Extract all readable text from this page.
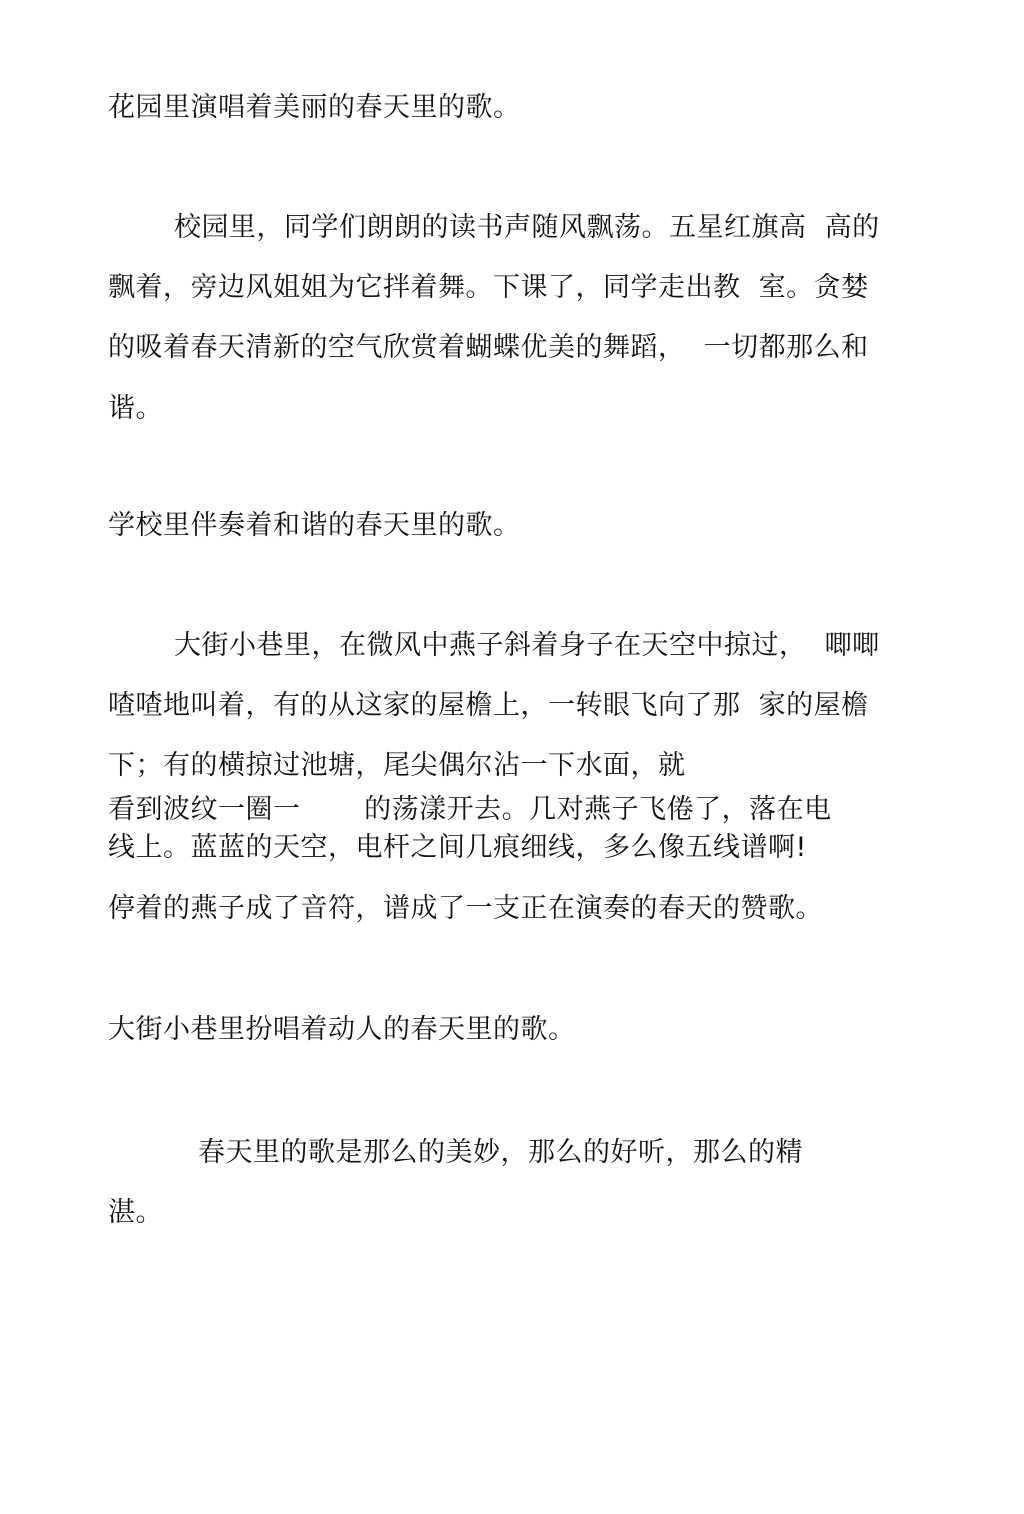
花园里演唱着美丽的春天里的歌。
校园里，同学们朗朗的读书声随风飘荡。五星红旗高  高的
飘着，旁边风姐姐为它拌着舞。下课了，同学走出教  室。贪婪
的吸着春天清新的空气欣赏着蝴蝶优美的舞蹈，  一切都那么和
谐。
学校里伴奏着和谐的春天里的歌。
大街小巷里，在微风中燕子斜着身子在天空中掠过，  唧唧
喳喳地叫着，有的从这家的屋檐上，一转眼飞向了那  家的屋檐
下；有的横掠过池塘，尾尖偶尔沾一下水面，就
看到波纹一圈一       的荡漾开去。几对燕子飞倦了，落在电
线上。蓝蓝的天空，电杆之间几痕细线，多么像五线谱啊!
停着的燕子成了音符，谱成了一支正在演奏的春天的赞歌。
大街小巷里扮唱着动人的春天里的歌。
春天里的歌是那么的美妙，那么的好听，那么的精
湛。
